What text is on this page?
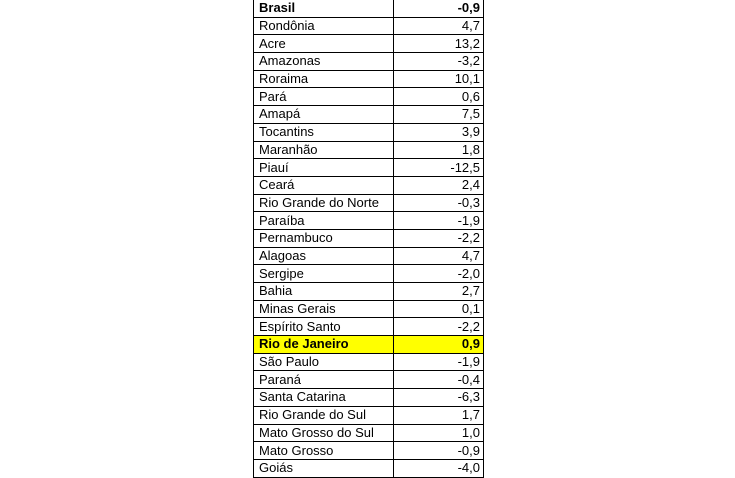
Brasil	-0,9
Rondônia	4,7
Acre	13,2
Amazonas	-3,2
Roraima	10,1
Pará	0,6
Amapá	7,5
Tocantins	3,9
Maranhão	1,8
Piauí	-12,5
Ceará	2,4
Rio Grande do Norte	-0,3
Paraíba	-1,9
Pernambuco	-2,2
Alagoas	4,7
Sergipe	-2,0
Bahia	2,7
Minas Gerais	0,1
Espírito Santo	-2,2
Rio de Janeiro	0,9
São Paulo	-1,9
Paraná	-0,4
Santa Catarina	-6,3
Rio Grande do Sul	1,7
Mato Grosso do Sul	1,0
Mato Grosso	-0,9
Goiás	-4,0
